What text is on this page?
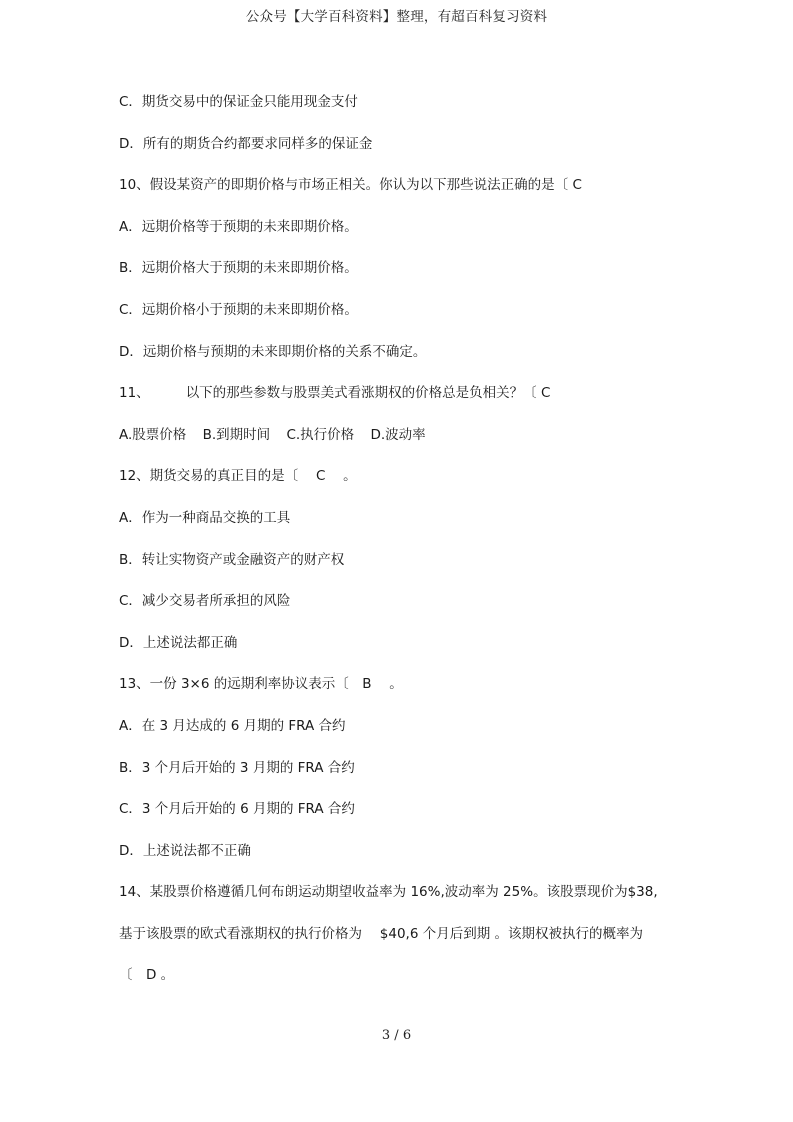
公众号【大学百科资料】整理，有超百科复习资料
C．期货交易中的保证金只能用现金支付
D．所有的期货合约都要求同样多的保证金
10、假设某资产的即期价格与市场正相关。你认为以下那些说法正确的是〔 C
A．远期价格等于预期的未来即期价格。
B．远期价格大于预期的未来即期价格。
C．远期价格小于预期的未来即期价格。
D．远期价格与预期的未来即期价格的关系不确定。
11、	以下的那些参数与股票美式看涨期权的价格总是负相关？〔 C
A.股票价格 B.到期时间 C.执行价格 D.波动率
12、期货交易的真正目的是〔　 C　 。
A．作为一种商品交换的工具
B．转让实物资产或金融资产的财产权
C．减少交易者所承担的风险
D．上述说法都正确
13、一份 3×6 的远期利率协议表示〔　B　 。
A．在 3 月达成的 6 月期的 FRA 合约
B．3 个月后开始的 3 月期的 FRA 合约
C．3 个月后开始的 6 月期的 FRA 合约
D．上述说法都不正确
14、某股票价格遵循几何布朗运动期望收益率为 16%,波动率为 25%。该股票现价为$38,
基于该股票的欧式看涨期权的执行价格为　 $40,6 个月后到期 。该期权被执行的概率为
〔　D 。
3 / 6
